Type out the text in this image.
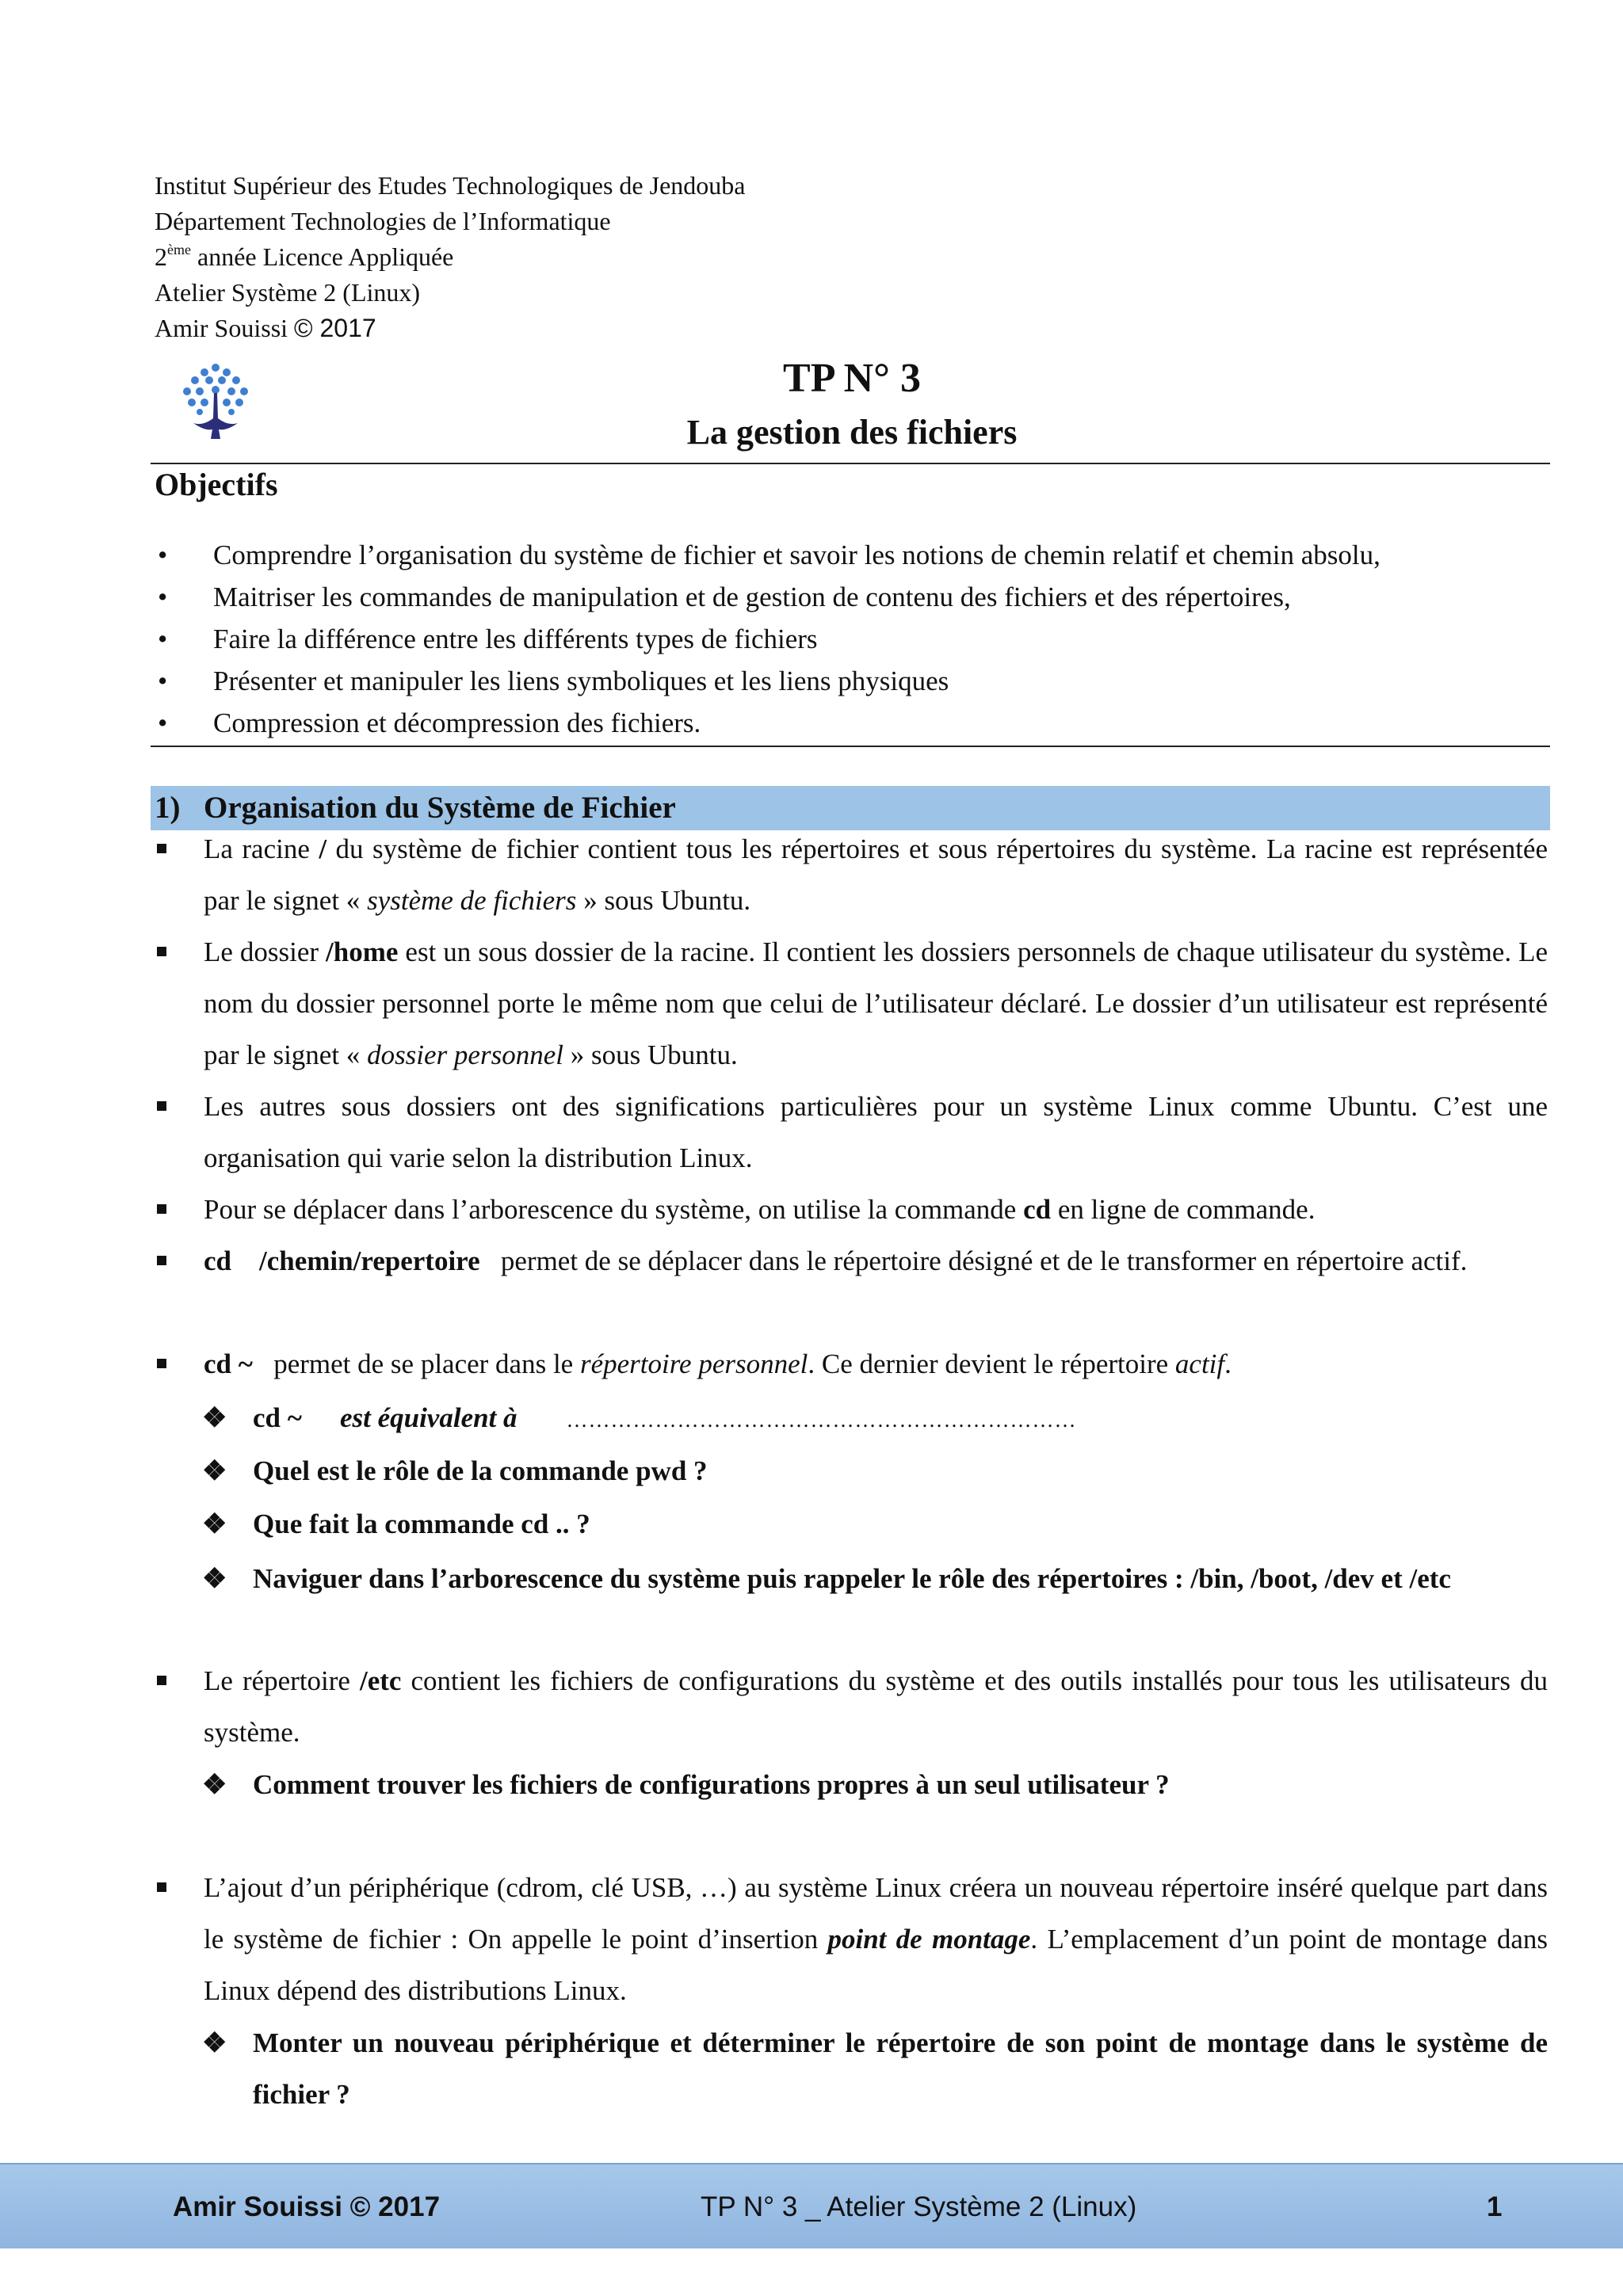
Institut Supérieur des Etudes Technologiques de Jendouba
Département Technologies de l’Informatique
2ème année Licence Appliquée
Atelier Système 2 (Linux)
Amir Souissi © 2017
TP N° 3
La gestion des fichiers
Objectifs
• Comprendre l’organisation du système de fichier et savoir les notions de chemin relatif et chemin absolu,
• Maitriser les commandes de manipulation et de gestion de contenu des fichiers et des répertoires,
• Faire la différence entre les différents types de fichiers
• Présenter et manipuler les liens symboliques et les liens physiques
• Compression et décompression des fichiers.
1) Organisation du Système de Fichier
La racine / du système de fichier contient tous les répertoires et sous répertoires du système. La racine est représentée par le signet « système de fichiers » sous Ubuntu.
Le dossier /home est un sous dossier de la racine. Il contient les dossiers personnels de chaque utilisateur du système. Le nom du dossier personnel porte le même nom que celui de l’utilisateur déclaré. Le dossier d’un utilisateur est représenté par le signet « dossier personnel » sous Ubuntu.
Les autres sous dossiers ont des significations particulières pour un système Linux comme Ubuntu. C’est une organisation qui varie selon la distribution Linux.
Pour se déplacer dans l’arborescence du système, on utilise la commande cd en ligne de commande.
cd    /chemin/repertoire   permet de se déplacer dans le répertoire désigné et de le transformer en répertoire actif.
cd ~   permet de se placer dans le répertoire personnel. Ce dernier devient le répertoire actif.
❖ cd ~ est équivalent à ……………………………………………………………
❖ Quel est le rôle de la commande pwd ?
❖ Que fait la commande cd .. ?
❖ Naviguer dans l’arborescence du système puis rappeler le rôle des répertoires : /bin, /boot, /dev et /etc
Le répertoire /etc contient les fichiers de configurations du système et des outils installés pour tous les utilisateurs du système.
❖ Comment trouver les fichiers de configurations propres à un seul utilisateur ?
L’ajout d’un périphérique (cdrom, clé USB, …) au système Linux créera un nouveau répertoire inséré quelque part dans le système de fichier : On appelle le point d’insertion point de montage. L’emplacement d’un point de montage dans Linux dépend des distributions Linux.
❖ Monter un nouveau périphérique et déterminer le répertoire de son point de montage dans le système de fichier ?
Amir Souissi © 2017	TP N° 3 _ Atelier Système 2 (Linux)	1
